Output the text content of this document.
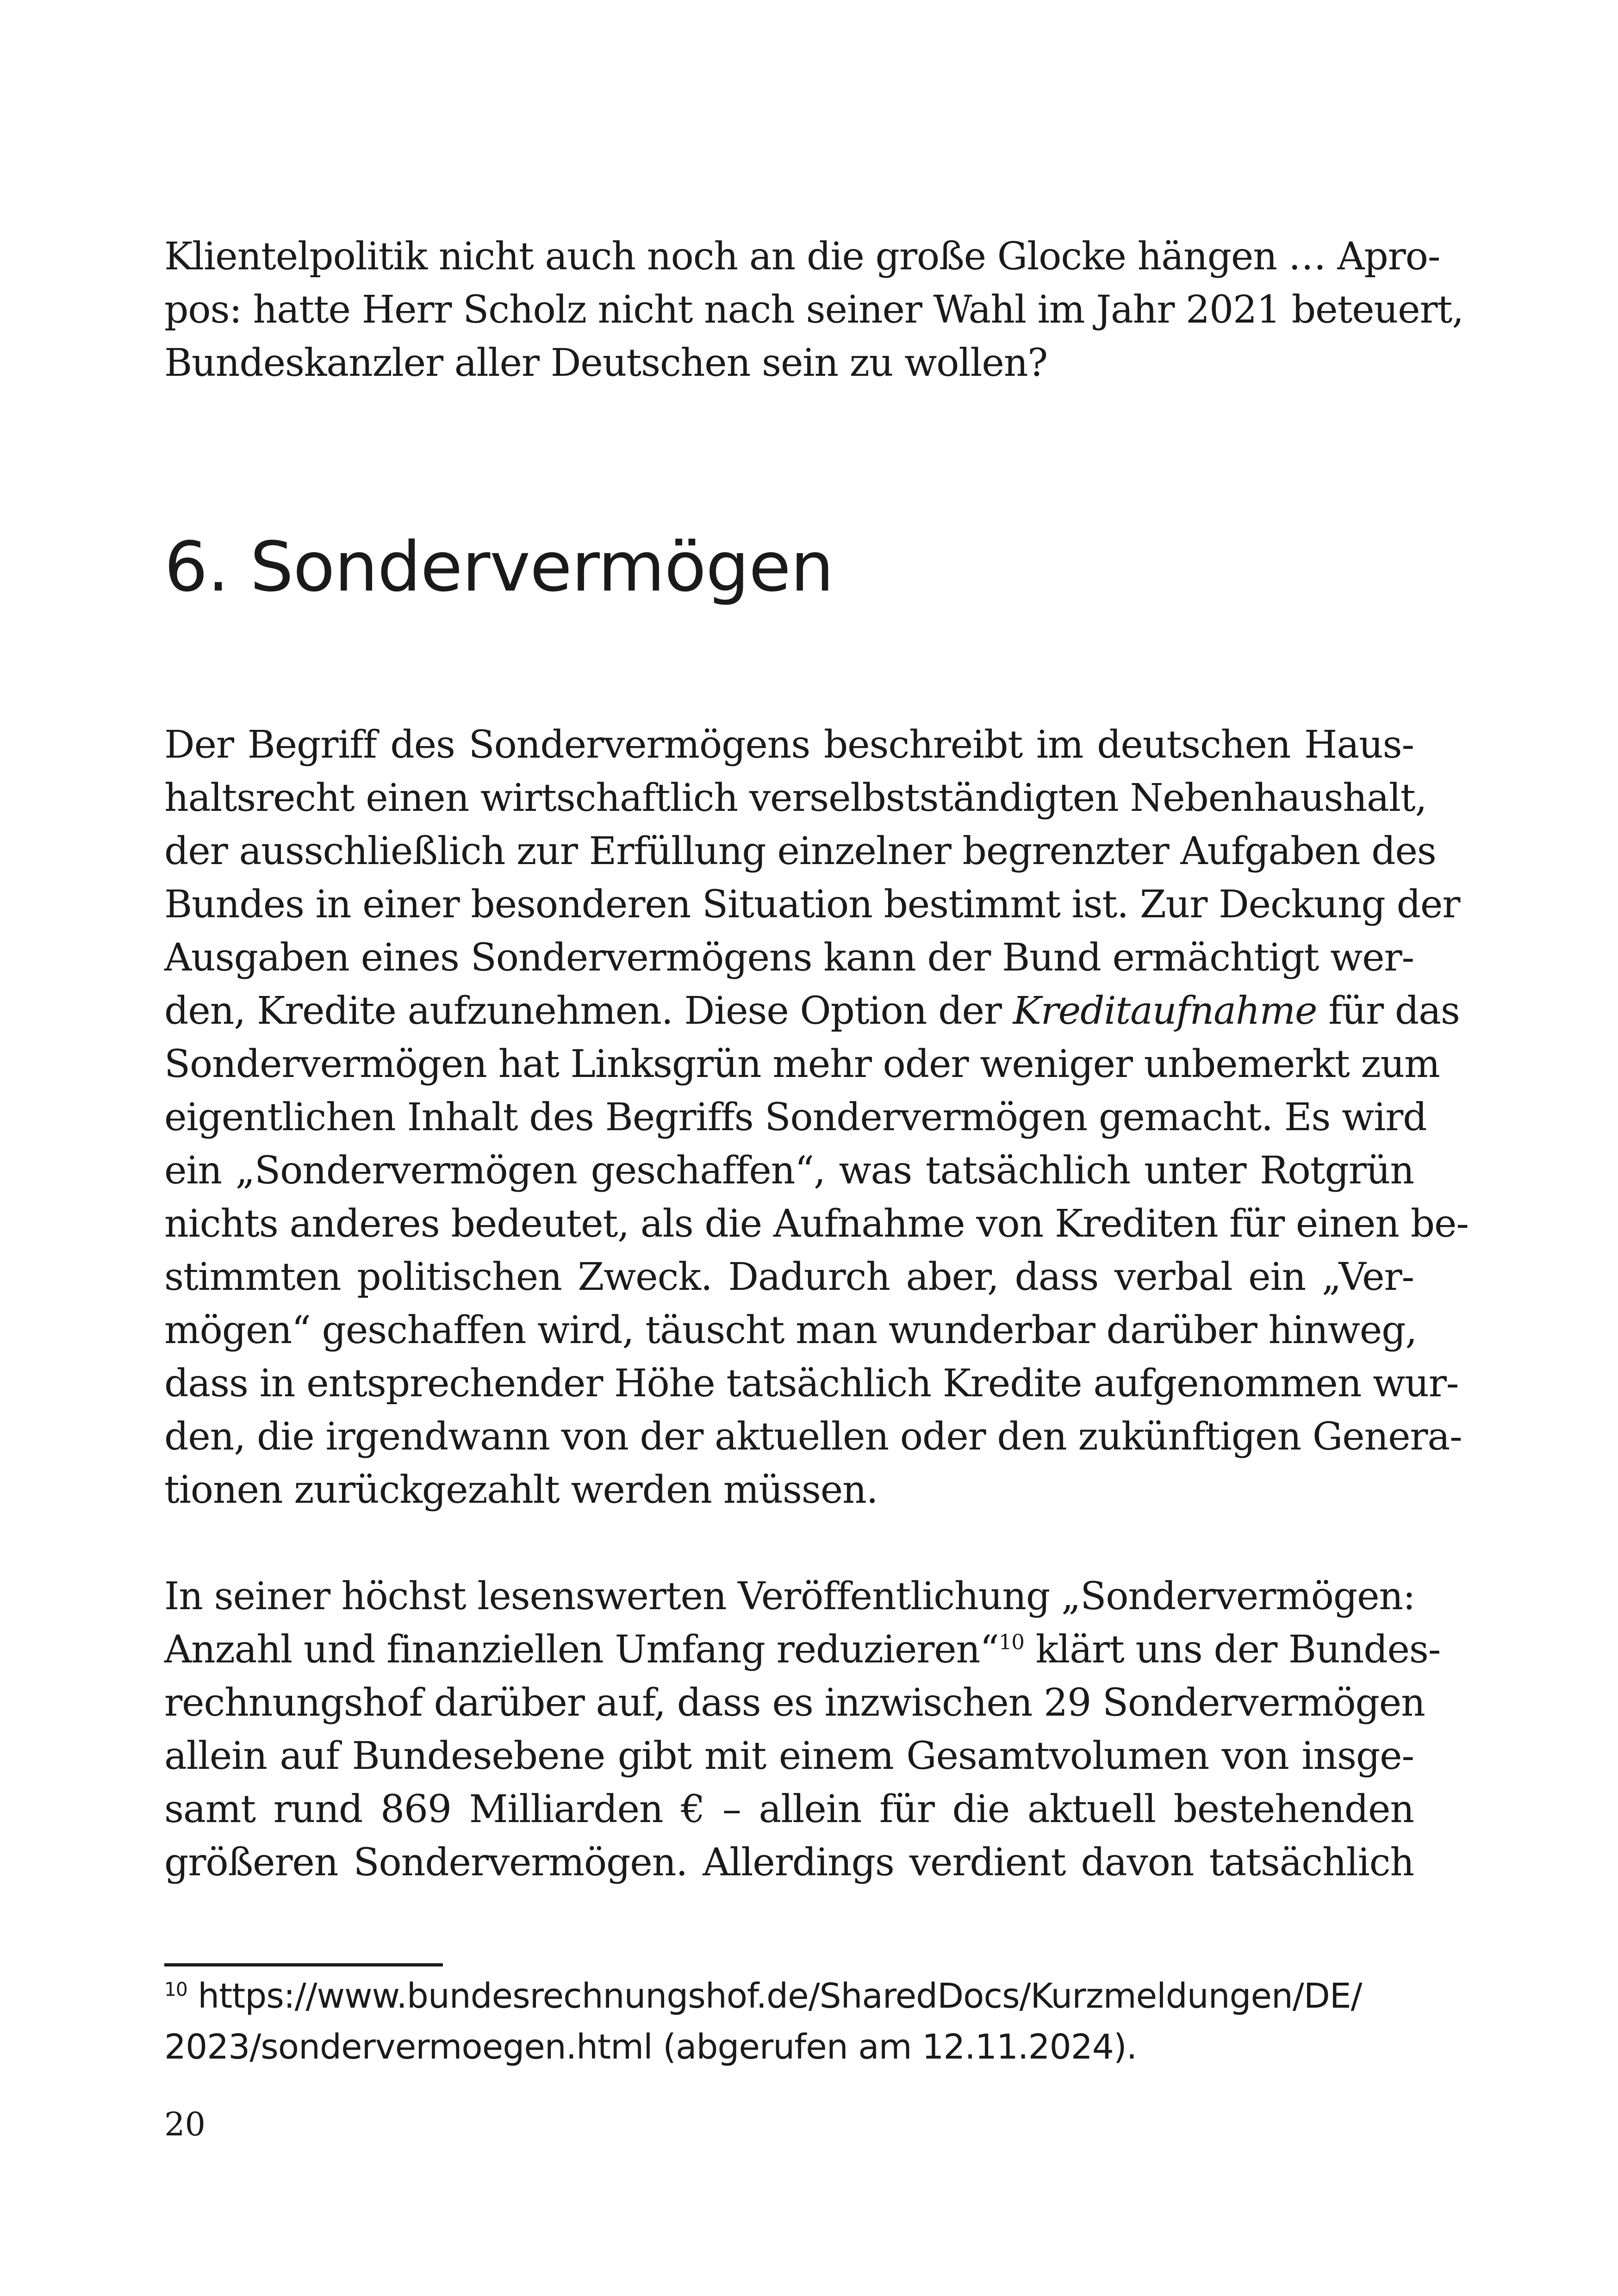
Klientelpolitik nicht auch noch an die große Glocke hängen … Apro-
pos: hatte Herr Scholz nicht nach seiner Wahl im Jahr 2021 beteuert,
Bundeskanzler aller Deutschen sein zu wollen?
6. Sondervermögen
Der Begriff des Sondervermögens beschreibt im deutschen Haus-
haltsrecht einen wirtschaftlich verselbstständigten Nebenhaushalt,
der ausschließlich zur Erfüllung einzelner begrenzter Aufgaben des
Bundes in einer besonderen Situation bestimmt ist. Zur Deckung der
Ausgaben eines Sondervermögens kann der Bund ermächtigt wer-
den, Kredite aufzunehmen. Diese Option der Kreditaufnahme für das
Sondervermögen hat Linksgrün mehr oder weniger unbemerkt zum
eigentlichen Inhalt des Begriffs Sondervermögen gemacht. Es wird
ein „Sondervermögen geschaffen“, was tatsächlich unter Rotgrün
nichts anderes bedeutet, als die Aufnahme von Krediten für einen be-
stimmten politischen Zweck. Dadurch aber, dass verbal ein „Ver-
mögen“ geschaffen wird, täuscht man wunderbar darüber hinweg,
dass in entsprechender Höhe tatsächlich Kredite aufgenommen wur-
den, die irgendwann von der aktuellen oder den zukünftigen Genera-
tionen zurückgezahlt werden müssen.
In seiner höchst lesenswerten Veröffentlichung „Sondervermögen:
Anzahl und finanziellen Umfang reduzieren“$^{10}$ klärt uns der Bundes-
rechnungshof darüber auf, dass es inzwischen 29 Sondervermögen
allein auf Bundesebene gibt mit einem Gesamtvolumen von insge-
samt rund 869 Milliarden € – allein für die aktuell bestehenden
größeren Sondervermögen. Allerdings verdient davon tatsächlich
$^{10}$ https://www.bundesrechnungshof.de/SharedDocs/Kurzmeldungen/DE/
2023/sondervermoegen.html (abgerufen am 12.11.2024).
20
